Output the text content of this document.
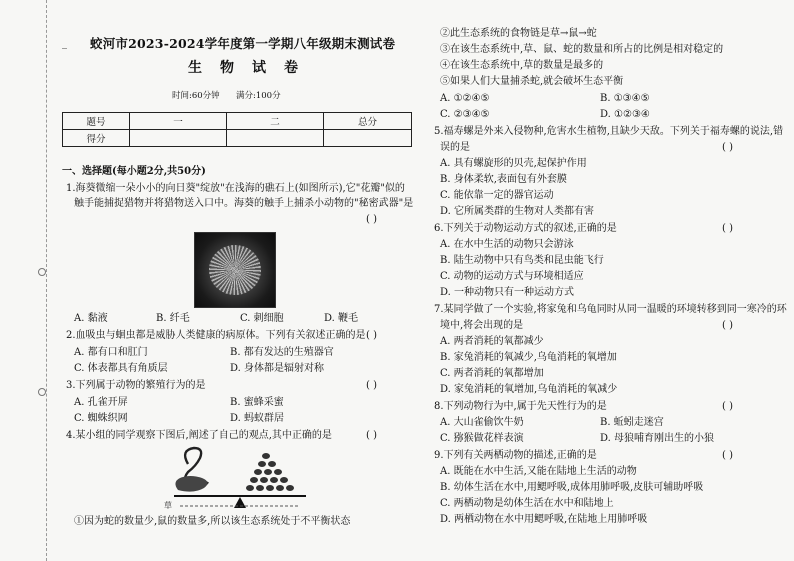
_ 蛟河市2023-2024学年度第一学期八年级期末测试卷
生物试卷
时间:60分钟 满分:100分
题号	一	二	总分
得分			
一、选择题(每小题2分,共50分)
1.海葵微缩一朵小小的向日葵"绽放"在浅海的礁石上(如图所示),它"花瓣"似的
触手能捕捉猎物并将猎物送入口中。海葵的触手上捕杀小动物的"秘密武器"是
( )
A. 黏液	B. 纤毛	C. 刺细胞	D. 鞭毛
2.血吸虫与蛔虫都是威胁人类健康的病原体。下列有关叙述正确的是 ( )
A. 都有口和肛门	B. 都有发达的生殖器官
C. 体表都具有角质层	D. 身体都是辐射对称
3.下列属于动物的繁殖行为的是	( )
A. 孔雀开屏	B. 蜜蜂采蜜
C. 蜘蛛织网	D. 蚂蚁群居
4.某小组的同学观察下图后,阐述了自己的观点,其中正确的是	( )
草
①因为蛇的数量少,鼠的数量多,所以该生态系统处于不平衡状态
②此生态系统的食物链是草→鼠→蛇
③在该生态系统中,草、鼠、蛇的数量和所占的比例是相对稳定的
④在该生态系统中,草的数量是最多的
⑤如果人们大量捕杀蛇,就会破坏生态平衡
A. ①②④⑤	B. ①③④⑤
C. ②③④⑤	D. ①②③④
5.福寿螺是外来入侵物种,危害水生植物,且缺少天敌。下列关于福寿螺的说法,错
误的是	( )
A. 具有螺旋形的贝壳,起保护作用
B. 身体柔软,表面包有外套膜
C. 能依靠一定的器官运动
D. 它所属类群的生物对人类都有害
6.下列关于动物运动方式的叙述,正确的是	( )
A. 在水中生活的动物只会游泳
B. 陆生动物中只有鸟类和昆虫能飞行
C. 动物的运动方式与环境相适应
D. 一种动物只有一种运动方式
7.某同学做了一个实验,将家兔和乌龟同时从同一温暖的环境转移到同一寒冷的环
境中,将会出现的是	( )
A. 两者消耗的氧都减少
B. 家兔消耗的氧减少,乌龟消耗的氧增加
C. 两者消耗的氧都增加
D. 家兔消耗的氧增加,乌龟消耗的氧减少
8.下列动物行为中,属于先天性行为的是	( )
A. 大山雀偷饮牛奶	B. 蚯蚓走迷宫
C. 猕猴做花样表演	D. 母狼哺育刚出生的小狼
9.下列有关两栖动物的描述,正确的是	( )
A. 既能在水中生活,又能在陆地上生活的动物
B. 幼体生活在水中,用鳃呼吸,成体用肺呼吸,皮肤可辅助呼吸
C. 两栖动物是幼体生活在水中和陆地上
D. 两栖动物在水中用鳃呼吸,在陆地上用肺呼吸
